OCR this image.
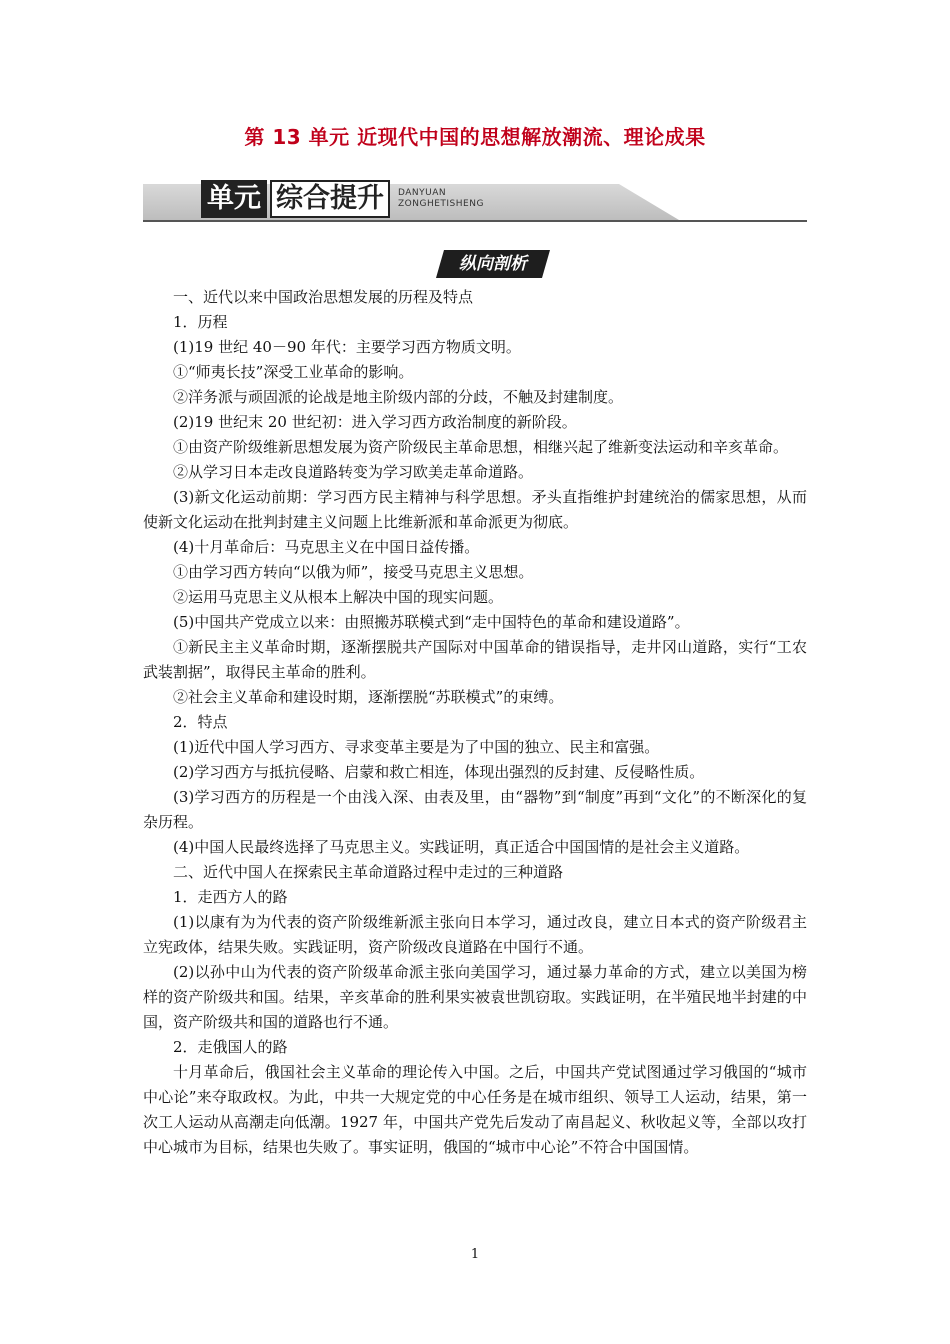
第 13 单元 近现代中国的思想解放潮流、理论成果
单元 综合提升	DANYUAN
ZONGHETISHENG
纵向剖析

一、近代以来中国政治思想发展的历程及特点

1．历程

(1)19 世纪 40－90 年代：主要学习西方物质文明。

①“师夷长技”深受工业革命的影响。

②洋务派与顽固派的论战是地主阶级内部的分歧，不触及封建制度。

(2)19 世纪末 20 世纪初：进入学习西方政治制度的新阶段。

①由资产阶级维新思想发展为资产阶级民主革命思想，相继兴起了维新变法运动和辛亥革命。

②从学习日本走改良道路转变为学习欧美走革命道路。

(3)新文化运动前期：学习西方民主精神与科学思想。矛头直指维护封建统治的儒家思想，从而使新文化运动在批判封建主义问题上比维新派和革命派更为彻底。

(4)十月革命后：马克思主义在中国日益传播。

①由学习西方转向“以俄为师”，接受马克思主义思想。

②运用马克思主义从根本上解决中国的现实问题。

(5)中国共产党成立以来：由照搬苏联模式到“走中国特色的革命和建设道路”。

①新民主主义革命时期，逐渐摆脱共产国际对中国革命的错误指导，走井冈山道路，实行“工农武装割据”，取得民主革命的胜利。

②社会主义革命和建设时期，逐渐摆脱“苏联模式”的束缚。

2．特点

(1)近代中国人学习西方、寻求变革主要是为了中国的独立、民主和富强。

(2)学习西方与抵抗侵略、启蒙和救亡相连，体现出强烈的反封建、反侵略性质。

(3)学习西方的历程是一个由浅入深、由表及里，由“器物”到“制度”再到“文化”的不断深化的复杂历程。

(4)中国人民最终选择了马克思主义。实践证明，真正适合中国国情的是社会主义道路。

二、近代中国人在探索民主革命道路过程中走过的三种道路

1．走西方人的路

(1)以康有为为代表的资产阶级维新派主张向日本学习，通过改良，建立日本式的资产阶级君主立宪政体，结果失败。实践证明，资产阶级改良道路在中国行不通。

(2)以孙中山为代表的资产阶级革命派主张向美国学习，通过暴力革命的方式，建立以美国为榜样的资产阶级共和国。结果，辛亥革命的胜利果实被袁世凯窃取。实践证明，在半殖民地半封建的中国，资产阶级共和国的道路也行不通。

2．走俄国人的路

十月革命后，俄国社会主义革命的理论传入中国。之后，中国共产党试图通过学习俄国的“城市中心论”来夺取政权。为此，中共一大规定党的中心任务是在城市组织、领导工人运动，结果，第一次工人运动从高潮走向低潮。1927 年，中国共产党先后发动了南昌起义、秋收起义等，全部以攻打中心城市为目标，结果也失败了。事实证明，俄国的“城市中心论”不符合中国国情。

1
